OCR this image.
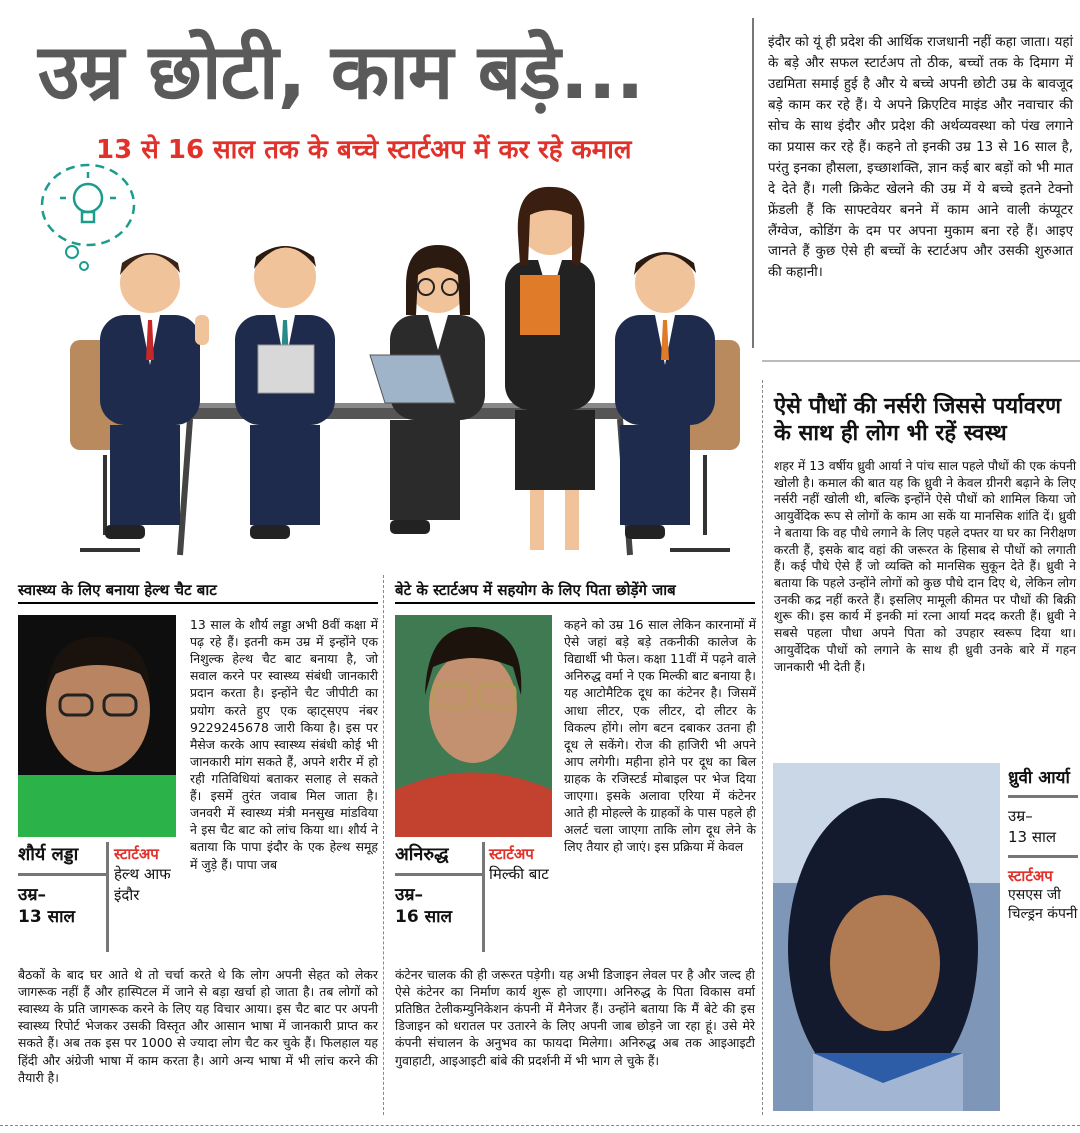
उम्र छोटी, काम बड़े...
13 से 16 साल तक के बच्चे स्टार्टअप में कर रहे कमाल

इंदौर को यूं ही प्रदेश की आर्थिक राजधानी नहीं कहा जाता। यहां के बड़े और सफल स्टार्टअप तो ठीक, बच्चों तक के दिमाग में उद्यमिता समाई हुई है और ये बच्चे अपनी छोटी उम्र के बावजूद बड़े काम कर रहे हैं। ये अपने क्रिएटिव माइंड और नवाचार की सोच के साथ इंदौर और प्रदेश की अर्थव्यवस्था को पंख लगाने का प्रयास कर रहे हैं। कहने तो इनकी उम्र 13 से 16 साल है, परंतु इनका हौसला, इच्छाशक्ति, ज्ञान कई बार बड़ों को भी मात दे देते हैं। गली क्रिकेट खेलने की उम्र में ये बच्चे इतने टेक्नो फ्रेंडली हैं कि साफ्टवेयर बनने में काम आने वाली कंप्यूटर लैंग्वेज, कोडिंग के दम पर अपना मुकाम बना रहे हैं। आइए जानते हैं कुछ ऐसे ही बच्चों के स्टार्टअप और उसकी शुरुआत की कहानी।

ऐसे पौधों की नर्सरी जिससे पर्यावरण के साथ ही लोग भी रहें स्वस्थ

शहर में 13 वर्षीय ध्रुवी आर्या ने पांच साल पहले पौधों की एक कंपनी खोली है। कमाल की बात यह कि ध्रुवी ने केवल ग्रीनरी बढ़ाने के लिए नर्सरी नहीं खोली थी, बल्कि इन्होंने ऐसे पौधों को शामिल किया जो आयुर्वेदिक रूप से लोगों के काम आ सकें या मानसिक शांति दें। ध्रुवी ने बताया कि वह पौधे लगाने के लिए पहले दफ्तर या घर का निरीक्षण करती हैं, इसके बाद वहां की जरूरत के हिसाब से पौधों को लगाती हैं। कई पौधे ऐसे हैं जो व्यक्ति को मानसिक सुकून देते हैं। ध्रुवी ने बताया कि पहले उन्होंने लोगों को कुछ पौधे दान दिए थे, लेकिन लोग उनकी कद्र नहीं करते हैं। इसलिए मामूली कीमत पर पौधों की बिक्री शुरू की। इस कार्य में इनकी मां रत्ना आर्या मदद करती हैं। ध्रुवी ने सबसे पहला पौधा अपने पिता को उपहार स्वरूप दिया था। आयुर्वेदिक पौधों को लगाने के साथ ही ध्रुवी उनके बारे में गहन जानकारी भी देती हैं।

ध्रुवी आर्या
उम्र–
13 साल
स्टार्टअप
एसएस जी चिल्ड्रन कंपनी
स्वास्थ्य के लिए बनाया हेल्थ चैट बाट
शौर्य लड्डा
उम्र–
13 साल
स्टार्टअप
हेल्थ आफ इंदौर

13 साल के शौर्य लड्डा अभी 8वीं कक्षा में पढ़ रहे हैं। इतनी कम उम्र में इन्होंने एक निशुल्क हेल्थ चैट बाट बनाया है, जो सवाल करने पर स्वास्थ्य संबंधी जानकारी प्रदान करता है। इन्होंने चैट जीपीटी का प्रयोग करते हुए एक व्हाट्सएप नंबर 9229245678 जारी किया है। इस पर मैसेज करके आप स्वास्थ्य संबंधी कोई भी जानकारी मांग सकते हैं, अपने शरीर में हो रही गतिविधियां बताकर सलाह ले सकते हैं। इसमें तुरंत जवाब मिल जाता है। जनवरी में स्वास्थ्य मंत्री मनसुख मांडविया ने इस चैट बाट को लांच किया था। शौर्य ने बताया कि पापा इंदौर के एक हेल्थ समूह में जुड़े हैं। पापा जब

बैठकों के बाद घर आते थे तो चर्चा करते थे कि लोग अपनी सेहत को लेकर जागरूक नहीं हैं और हास्पिटल में जाने से बड़ा खर्चा हो जाता है। तब लोगों को स्वास्थ्य के प्रति जागरूक करने के लिए यह विचार आया। इस चैट बाट पर अपनी स्वास्थ्य रिपोर्ट भेजकर उसकी विस्तृत और आसान भाषा में जानकारी प्राप्त कर सकते हैं। अब तक इस पर 1000 से ज्यादा लोग चैट कर चुके हैं। फिलहाल यह हिंदी और अंग्रेजी भाषा में काम करता है। आगे अन्य भाषा में भी लांच करने की तैयारी है।

बेटे के स्टार्टअप में सहयोग के लिए पिता छोड़ेंगे जाब
अनिरुद्ध
उम्र–
16 साल
स्टार्टअप
मिल्की बाट

कहने को उम्र 16 साल लेकिन कारनामों में ऐसे जहां बड़े बड़े तकनीकी कालेज के विद्यार्थी भी फेल। कक्षा 11वीं में पढ़ने वाले अनिरुद्ध वर्मा ने एक मिल्की बाट बनाया है। यह आटोमैटिक दूध का कंटेनर है। जिसमें आधा लीटर, एक लीटर, दो लीटर के विकल्प होंगे। लोग बटन दबाकर उतना ही दूध ले सकेंगे। रोज की हाजिरी भी अपने आप लगेगी। महीना होने पर दूध का बिल ग्राहक के रजिस्टर्ड मोबाइल पर भेज दिया जाएगा। इसके अलावा एरिया में कंटेनर आते ही मोहल्ले के ग्राहकों के पास पहले ही अलर्ट चला जाएगा ताकि लोग दूध लेने के लिए तैयार हो जाएं। इस प्रक्रिया में केवल

कंटेनर चालक की ही जरूरत पड़ेगी। यह अभी डिजाइन लेवल पर है और जल्द ही ऐसे कंटेनर का निर्माण कार्य शुरू हो जाएगा। अनिरुद्ध के पिता विकास वर्मा प्रतिष्ठित टेलीकम्युनिकेशन कंपनी में मैनेजर हैं। उन्होंने बताया कि मैं बेटे की इस डिजाइन को धरातल पर उतारने के लिए अपनी जाब छोड़ने जा रहा हूं। उसे मेरे कंपनी संचालन के अनुभव का फायदा मिलेगा। अनिरुद्ध अब तक आइआइटी गुवाहाटी, आइआइटी बांबे की प्रदर्शनी में भी भाग ले चुके हैं।
